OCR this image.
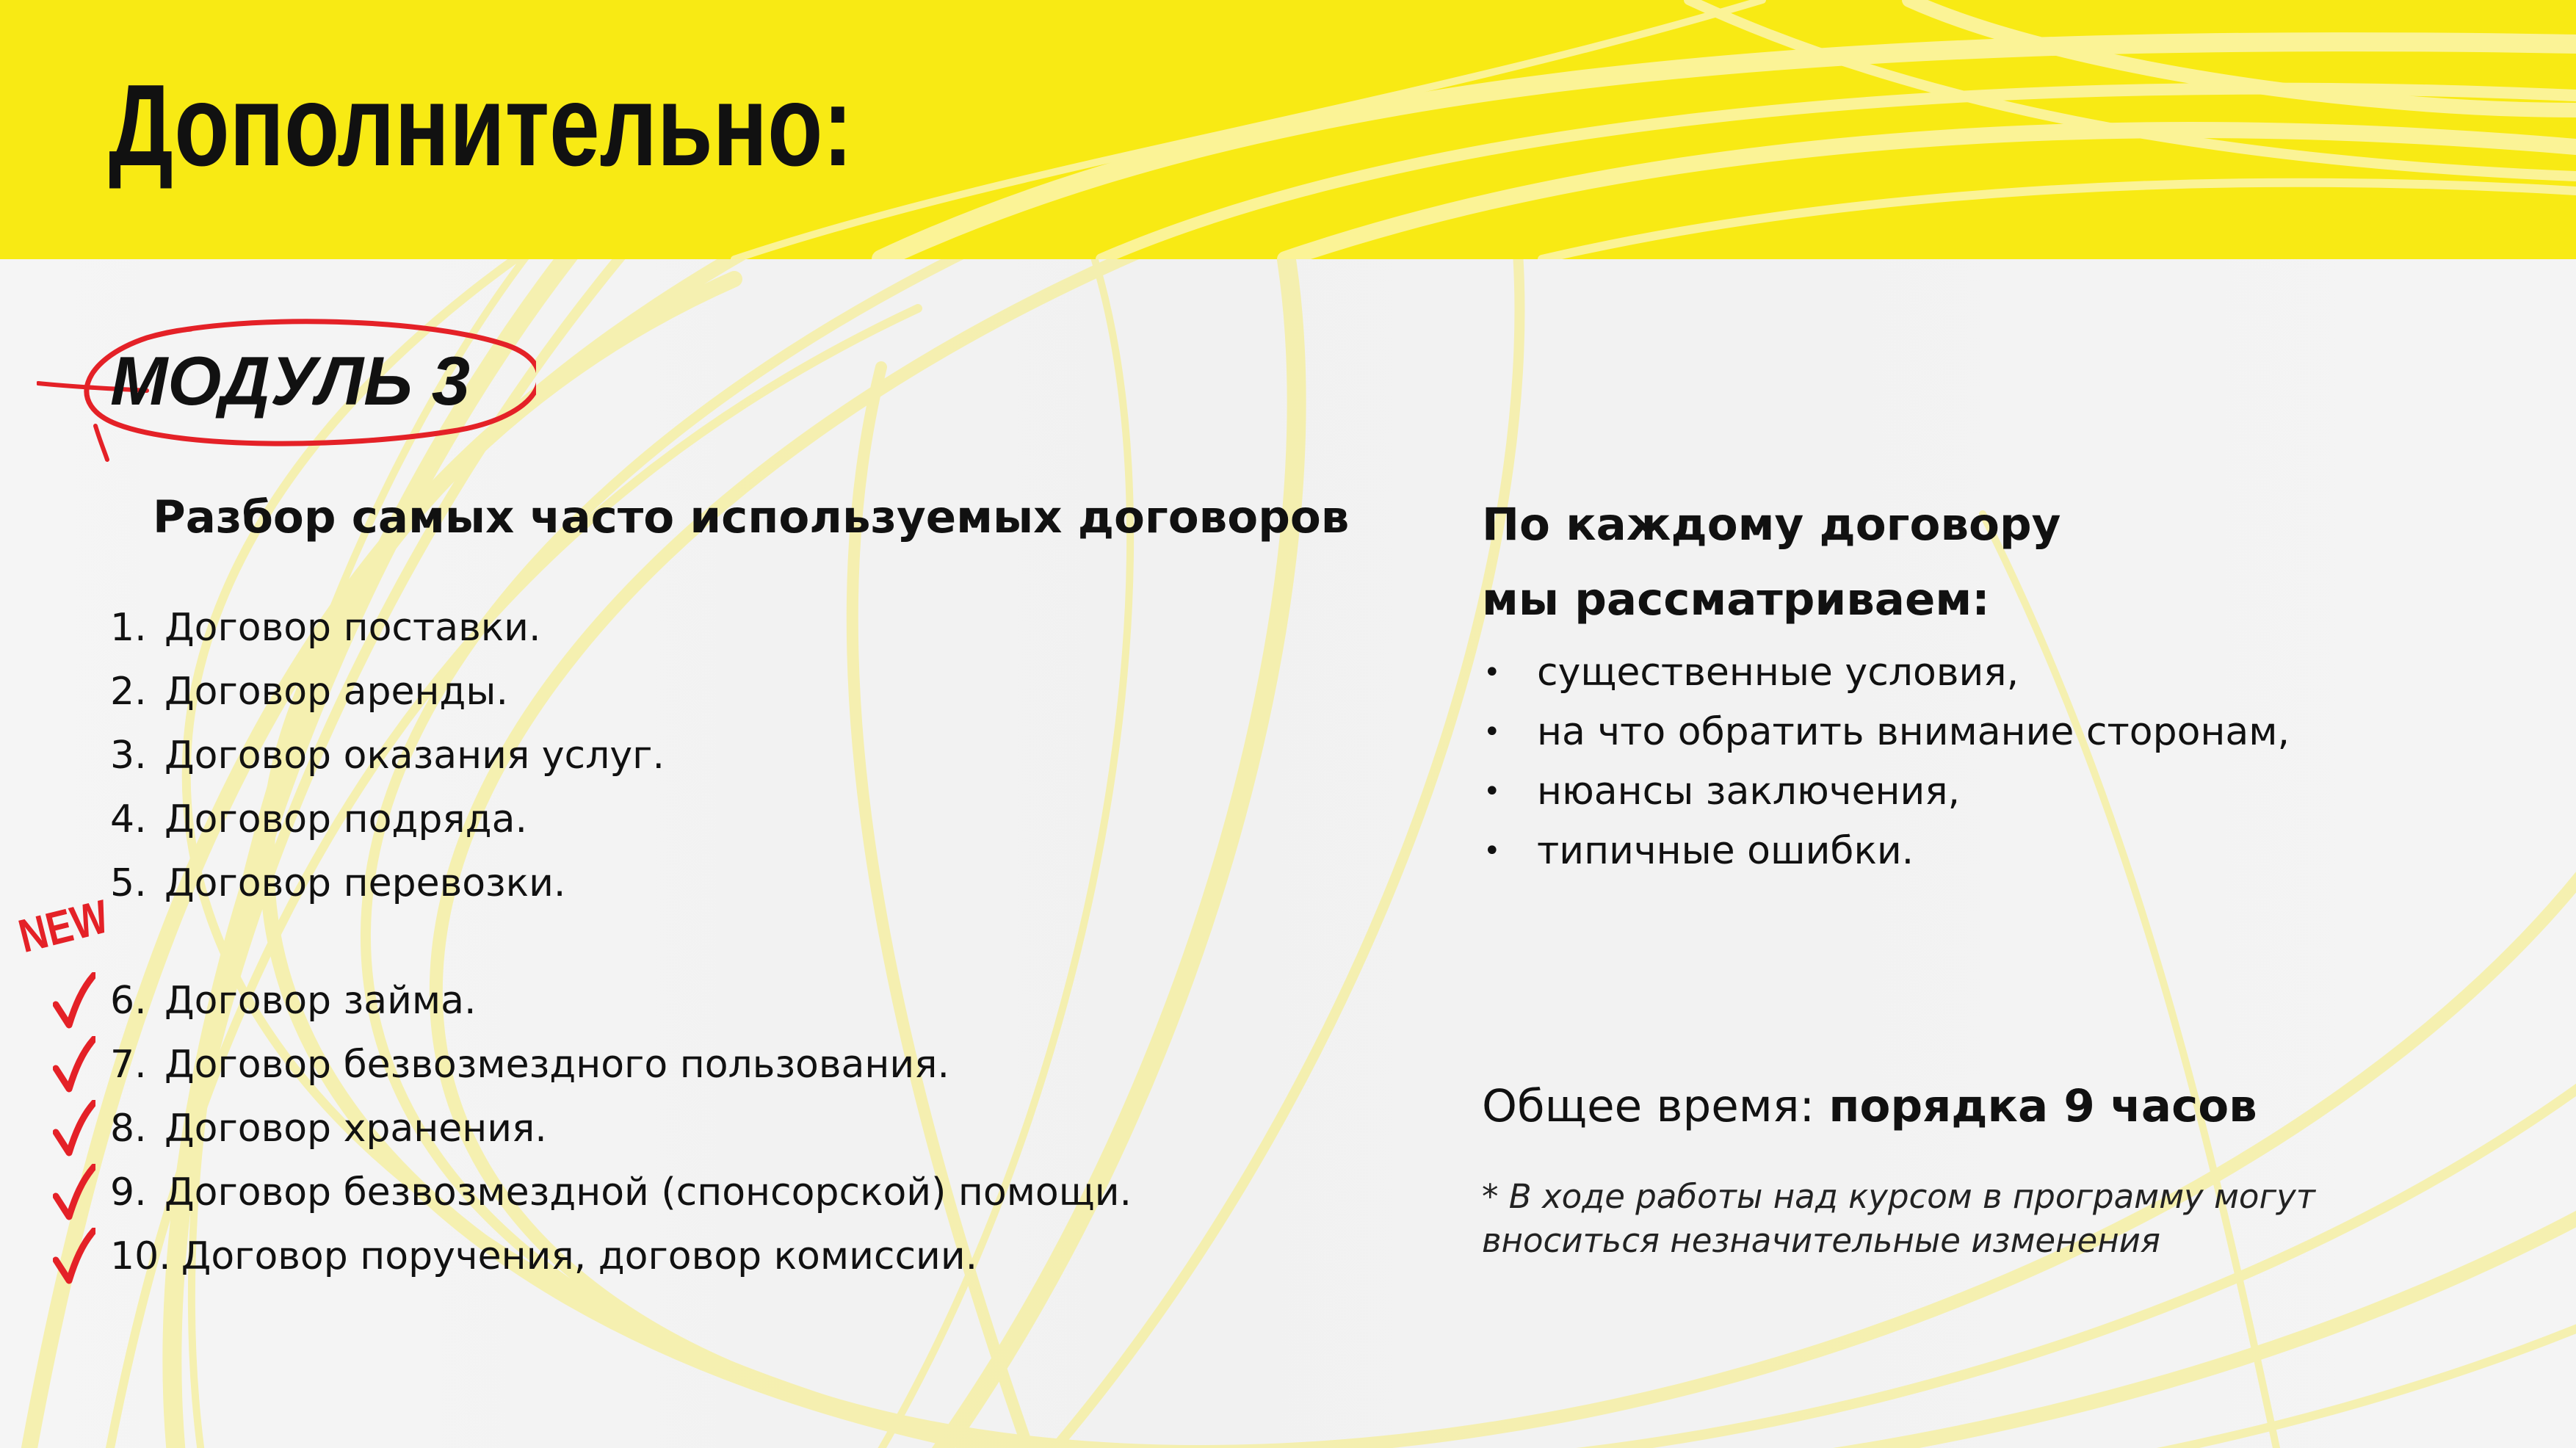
Дополнительно:
МОДУЛЬ 3
Разбор самых часто используемых договоров
1. Договор поставки.
2. Договор аренды.
3. Договор оказания услуг.
4. Договор подряда.
5. Договор перевозки.
NEW
6. Договор займа.
7. Договор безвозмездного пользования.
8. Договор хранения.
9. Договор безвозмездной (спонсорской) помощи.
10. Договор поручения, договор комиссии.
По каждому договору
мы рассматриваем:
• существенные условия,
• на что обратить внимание сторонам,
• нюансы заключения,
• типичные ошибки.
Общее время: порядка 9 часов
* В ходе работы над курсом в программу могут
вноситься незначительные изменения
